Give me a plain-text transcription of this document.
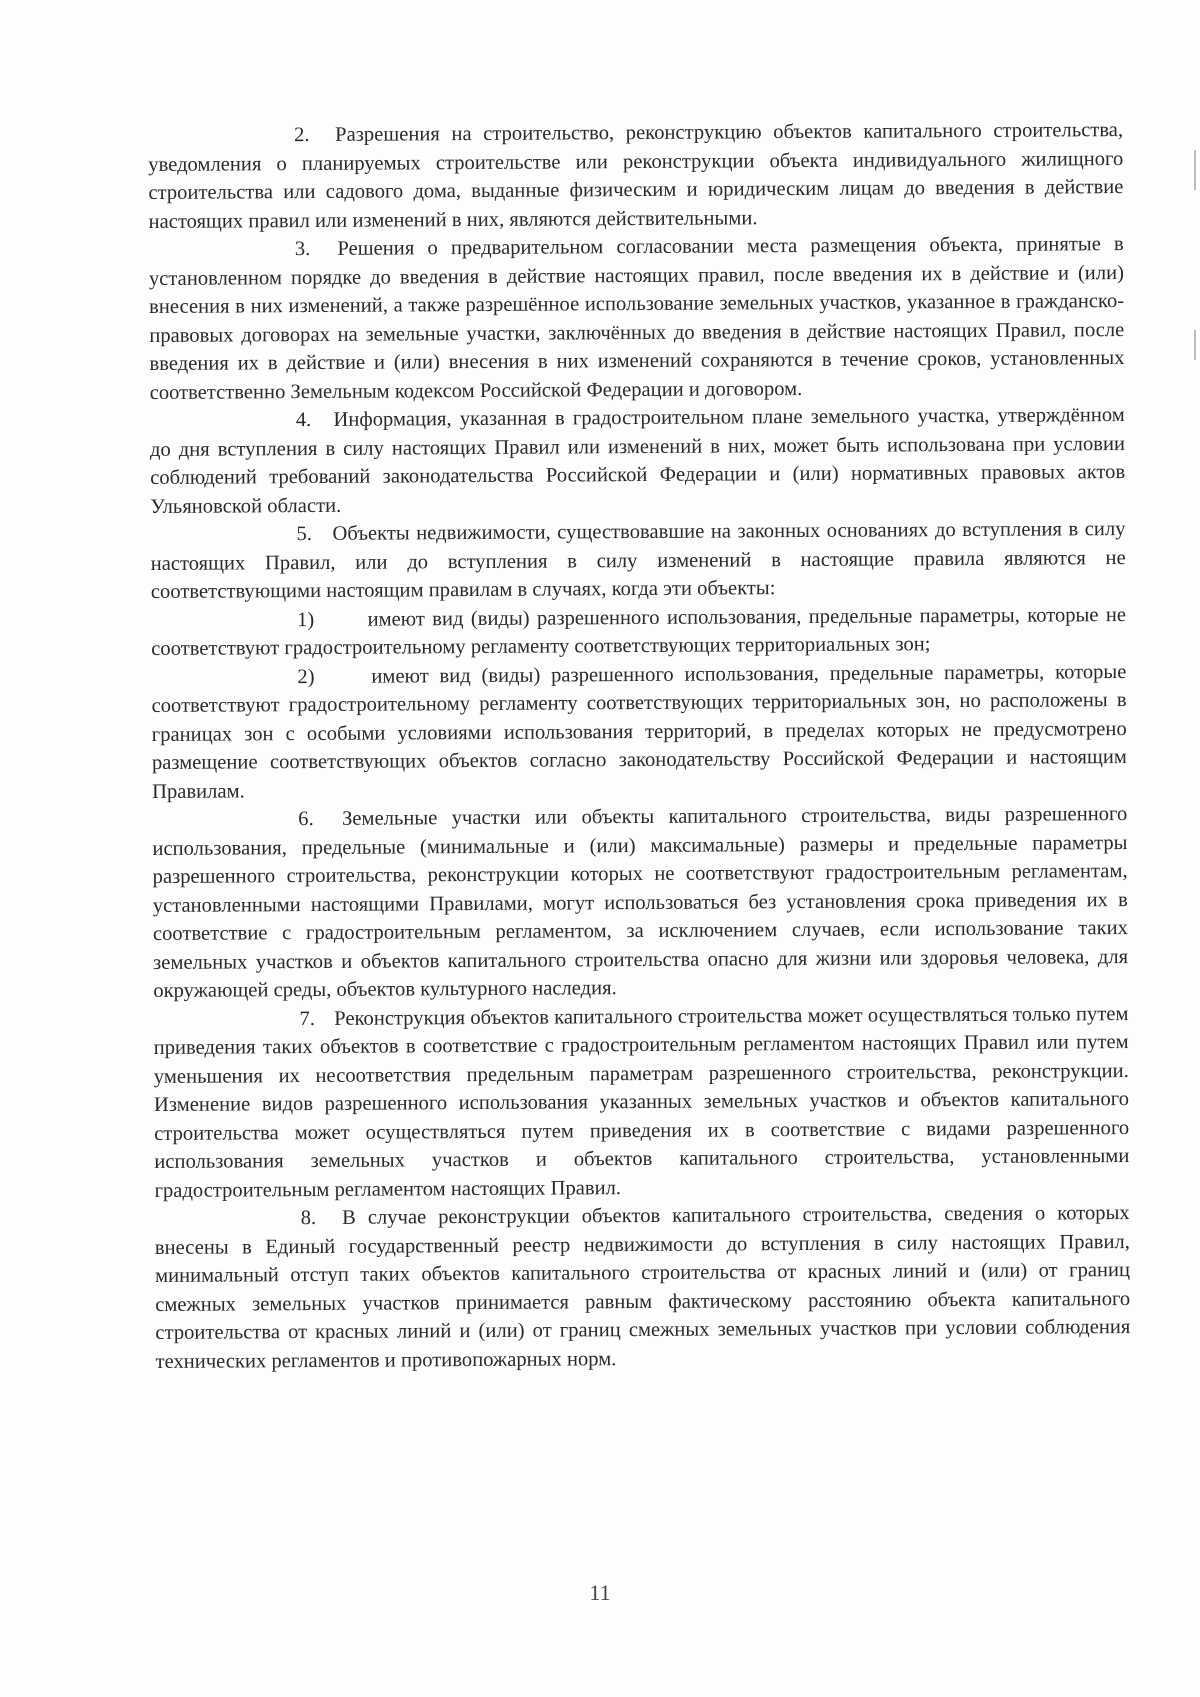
2. Разрешения на строительство, реконструкцию объектов капитального строительства, уведомления о планируемых строительстве или реконструкции объекта индивидуального жилищного строительства или садового дома, выданные физическим и юридическим лицам до введения в действие настоящих правил или изменений в них, являются действительными.

3. Решения о предварительном согласовании места размещения объекта, принятые в установленном порядке до введения в действие настоящих правил, после введения их в действие и (или) внесения в них изменений, а также разрешённое использование земельных участков, указанное в гражданско-правовых договорах на земельные участки, заключённых до введения в действие настоящих Правил, после введения их в действие и (или) внесения в них изменений сохраняются в течение сроков, установленных соответственно Земельным кодексом Российской Федерации и договором.

4. Информация, указанная в градостроительном плане земельного участка, утверждённом до дня вступления в силу настоящих Правил или изменений в них, может быть использована при условии соблюдений требований законодательства Российской Федерации и (или) нормативных правовых актов Ульяновской области.

5. Объекты недвижимости, существовавшие на законных основаниях до вступления в силу настоящих Правил, или до вступления в силу изменений в настоящие правила являются не соответствующими настоящим правилам в случаях, когда эти объекты:

1)	имеют вид (виды) разрешенного использования, предельные параметры, которые не соответствуют градостроительному регламенту соответствующих территориальных зон;

2)	имеют вид (виды) разрешенного использования, предельные параметры, которые соответствуют градостроительному регламенту соответствующих территориальных зон, но расположены в границах зон с особыми условиями использования территорий, в пределах которых не предусмотрено размещение соответствующих объектов согласно законодательству Российской Федерации и настоящим Правилам.

6. Земельные участки или объекты капитального строительства, виды разрешенного использования, предельные (минимальные и (или) максимальные) размеры и предельные параметры разрешенного строительства, реконструкции которых не соответствуют градостроительным регламентам, установленными настоящими Правилами, могут использоваться без установления срока приведения их в соответствие с градостроительным регламентом, за исключением случаев, если использование таких земельных участков и объектов капитального строительства опасно для жизни или здоровья человека, для окружающей среды, объектов культурного наследия.

7. Реконструкция объектов капитального строительства может осуществляться только путем приведения таких объектов в соответствие с градостроительным регламентом настоящих Правил или путем уменьшения их несоответствия предельным параметрам разрешенного строительства, реконструкции. Изменение видов разрешенного использования указанных земельных участков и объектов капитального строительства может осуществляться путем приведения их в соответствие с видами разрешенного использования земельных участков и объектов капитального строительства, установленными градостроительным регламентом настоящих Правил.

8. В случае реконструкции объектов капитального строительства, сведения о которых внесены в Единый государственный реестр недвижимости до вступления в силу настоящих Правил, минимальный отступ таких объектов капитального строительства от красных линий и (или) от границ смежных земельных участков принимается равным фактическому расстоянию объекта капитального строительства от красных линий и (или) от границ смежных земельных участков при условии соблюдения технических регламентов и противопожарных норм.

11
